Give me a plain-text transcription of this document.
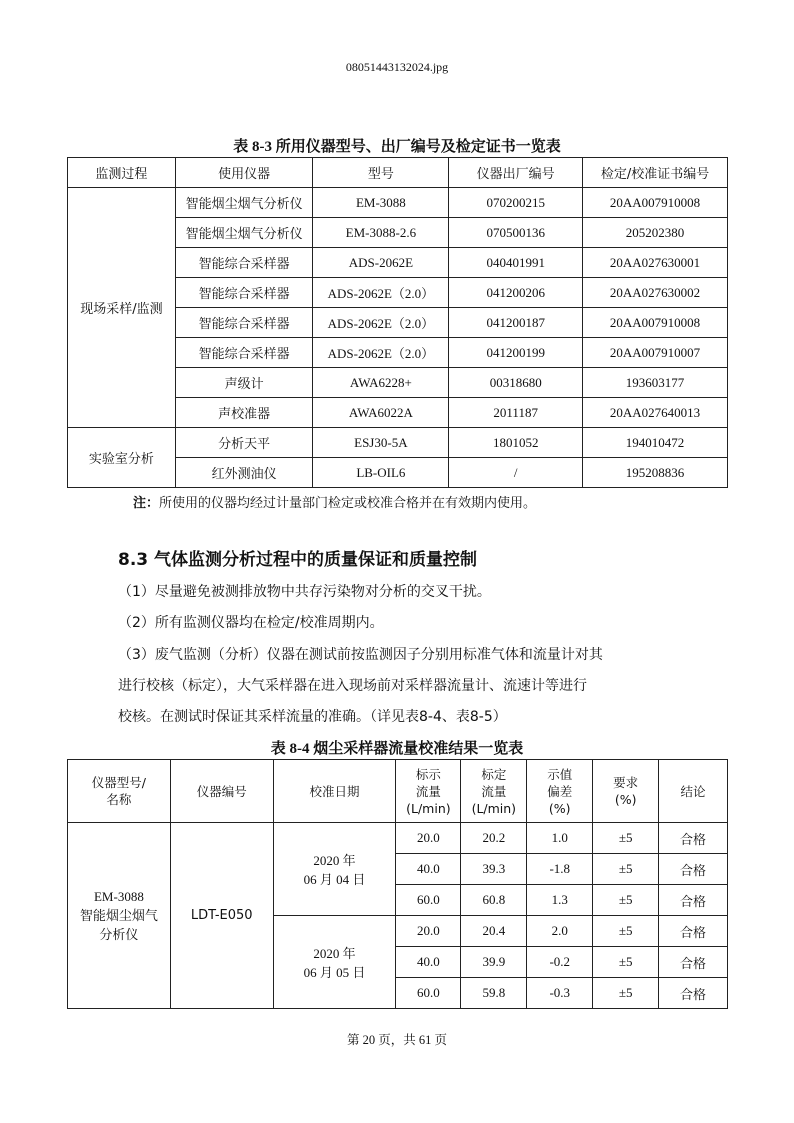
08051443132024.jpg
表 8-3 所用仪器型号、出厂编号及检定证书一览表
监测过程	使用仪器	型号	仪器出厂编号	检定/校准证书编号
现场采样/监测	智能烟尘烟气分析仪	EM-3088	070200215	20AA007910008
	智能烟尘烟气分析仪	EM-3088-2.6	070500136	205202380
	智能综合采样器	ADS-2062E	040401991	20AA027630001
	智能综合采样器	ADS-2062E（2.0）	041200206	20AA027630002
	智能综合采样器	ADS-2062E（2.0）	041200187	20AA007910008
	智能综合采样器	ADS-2062E（2.0）	041200199	20AA007910007
	声级计	AWA6228+	00318680	193603177
	声校准器	AWA6022A	2011187	20AA027640013
实验室分析	分析天平	ESJ30-5A	1801052	194010472
	红外测油仪	LB-OIL6	/	195208836
注：所使用的仪器均经过计量部门检定或校准合格并在有效期内使用。
8.3 气体监测分析过程中的质量保证和质量控制
（1）尽量避免被测排放物中共存污染物对分析的交叉干扰。
（2）所有监测仪器均在检定/校准周期内。
（3）废气监测（分析）仪器在测试前按监测因子分别用标准气体和流量计对其
进行校核（标定），大气采样器在进入现场前对采样器流量计、流速计等进行
校核。在测试时保证其采样流量的准确。（详见表8-4、表8-5）
表 8-4 烟尘采样器流量校准结果一览表
仪器型号/
名称	仪器编号	校准日期	标示
流量
(L/min)	标定
流量
(L/min)	示值
偏差
(%)	要求
(%)	结论
EM-3088
智能烟尘烟气
分析仪	LDT-E050	2020 年
06 月 04 日	20.0	20.2	1.0	±5	合格
			40.0	39.3	-1.8	±5	合格
			60.0	60.8	1.3	±5	合格
		2020 年
06 月 05 日	20.0	20.4	2.0	±5	合格
			40.0	39.9	-0.2	±5	合格
			60.0	59.8	-0.3	±5	合格
第 20 页，共 61 页
